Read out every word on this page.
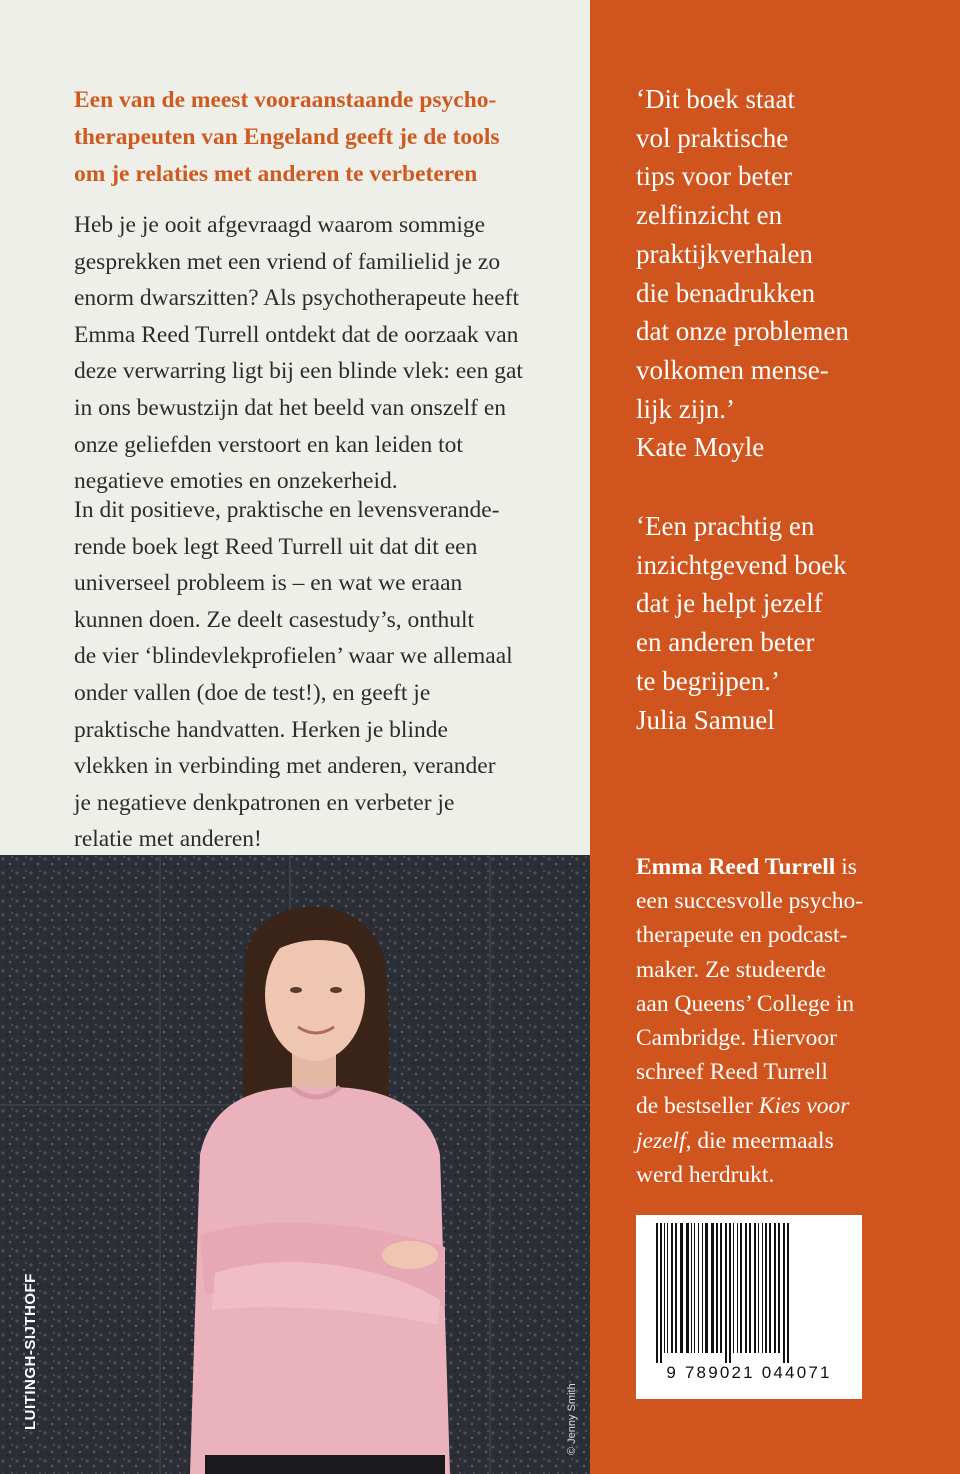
Een van de meest vooraanstaande psycho-
therapeuten van Engeland geeft je de tools
om je relaties met anderen te verbeteren
Heb je je ooit afgevraagd waarom sommige
gesprekken met een vriend of familielid je zo
enorm dwarszitten? Als psychotherapeute heeft
Emma Reed Turrell ontdekt dat de oorzaak van
deze verwarring ligt bij een blinde vlek: een gat
in ons bewustzijn dat het beeld van onszelf en
onze geliefden verstoort en kan leiden tot
negatieve emoties en onzekerheid.
In dit positieve, praktische en levensverande-
rende boek legt Reed Turrell uit dat dit een
universeel probleem is – en wat we eraan
kunnen doen. Ze deelt casestudy’s, onthult
de vier ‘blindevlekprofielen’ waar we allemaal
onder vallen (doe de test!), en geeft je
praktische handvatten. Herken je blinde
vlekken in verbinding met anderen, verander
je negatieve denkpatronen en verbeter je
relatie met anderen!
‘Dit boek staat
vol praktische
tips voor beter
zelfinzicht en
praktijkverhalen
die benadrukken
dat onze problemen
volkomen mense-
lijk zijn.’
Kate Moyle
‘Een prachtig en
inzichtgevend boek
dat je helpt jezelf
en anderen beter
te begrijpen.’
Julia Samuel
Emma Reed Turrell is
een succesvolle psycho-
therapeute en podcast-
maker. Ze studeerde
aan Queens’ College in
Cambridge. Hiervoor
schreef Reed Turrell
de bestseller Kies voor
jezelf, die meermaals
werd herdrukt.
LUITINGH-SIJTHOFF	© Jenny Smith
9 789021 044071
